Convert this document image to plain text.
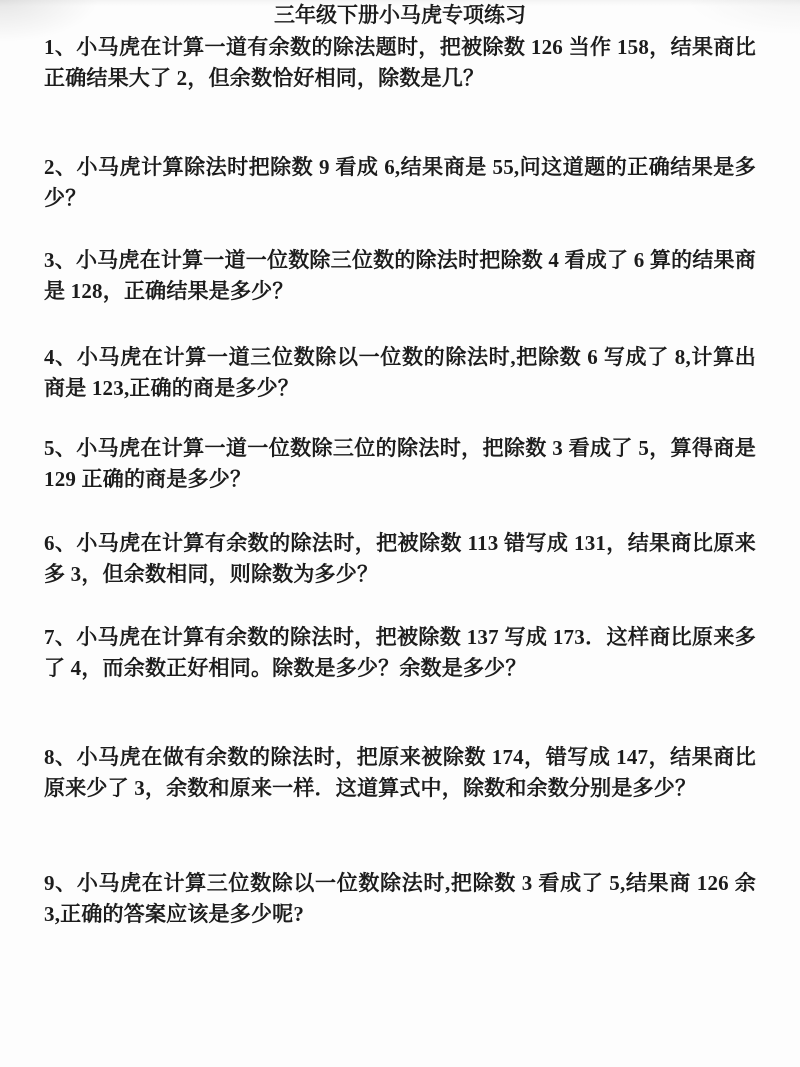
三年级下册小马虎专项练习

1、小马虎在计算一道有余数的除法题时，把被除数 126 当作 158，结果商比正确结果大了 2，但余数恰好相同，除数是几？

2、小马虎计算除法时把除数 9 看成 6,结果商是 55,问这道题的正确结果是多少？

3、小马虎在计算一道一位数除三位数的除法时把除数 4 看成了 6 算的结果商是 128，正确结果是多少？

4、小马虎在计算一道三位数除以一位数的除法时,把除数 6 写成了 8,计算出商是 123,正确的商是多少？

5、小马虎在计算一道一位数除三位的除法时，把除数 3 看成了 5，算得商是 129 正确的商是多少？

6、小马虎在计算有余数的除法时，把被除数 113 错写成 131，结果商比原来多 3，但余数相同，则除数为多少？

7、小马虎在计算有余数的除法时，把被除数 137 写成 173．这样商比原来多了 4，而余数正好相同。除数是多少？余数是多少？

8、小马虎在做有余数的除法时，把原来被除数 174，错写成 147，结果商比原来少了 3，余数和原来一样．这道算式中，除数和余数分别是多少？

9、小马虎在计算三位数除以一位数除法时,把除数 3 看成了 5,结果商 126 余 3,正确的答案应该是多少呢?
